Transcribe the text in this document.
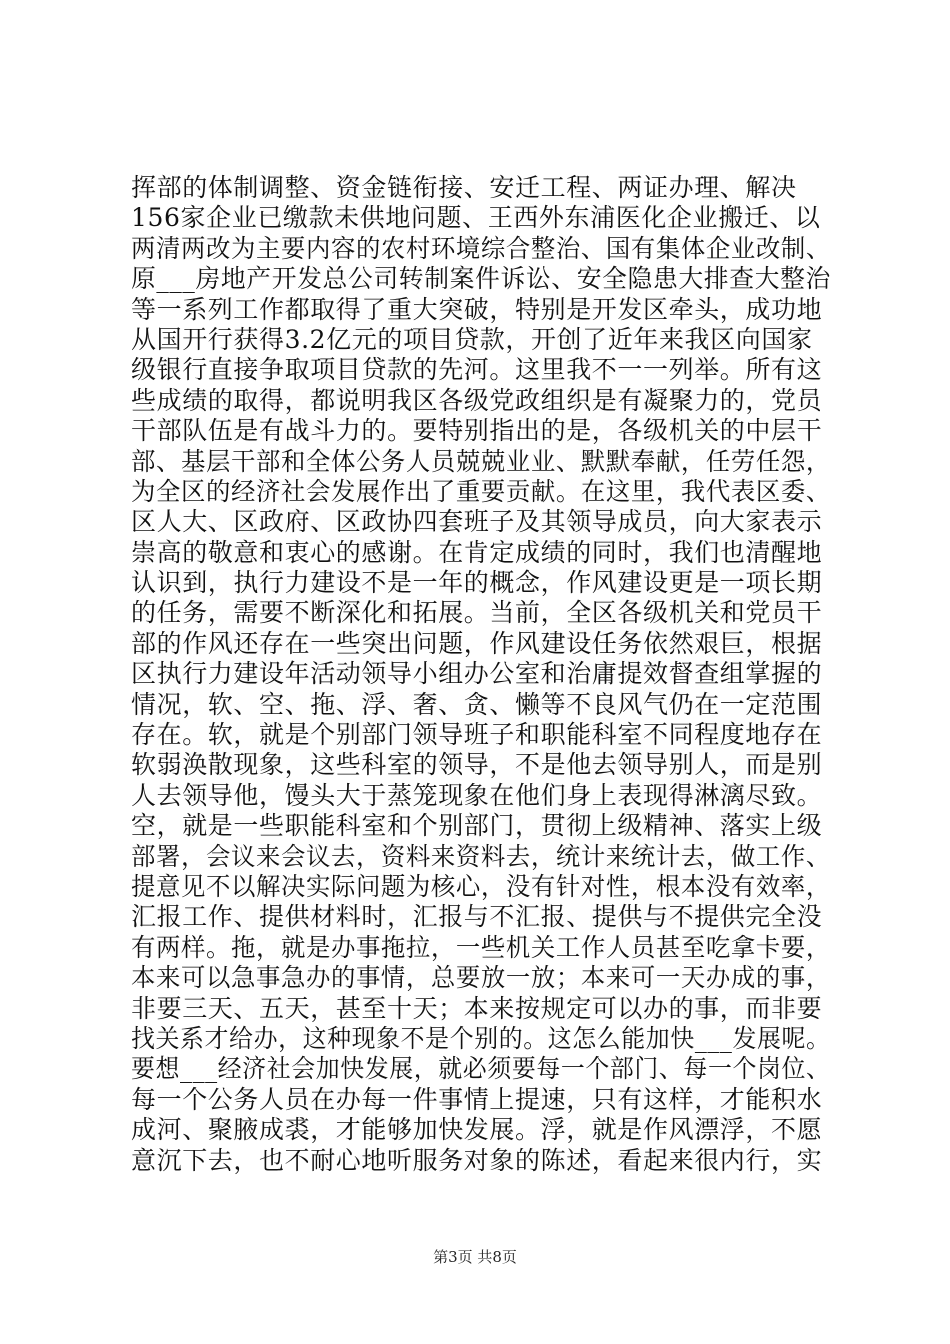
挥部的体制调整、资金链衔接、安迁工程、两证办理、解决
156家企业已缴款未供地问题、王西外东浦医化企业搬迁、以
两清两改为主要内容的农村环境综合整治、国有集体企业改制、
原___房地产开发总公司转制案件诉讼、安全隐患大排查大整治
等一系列工作都取得了重大突破，特别是开发区牵头，成功地
从国开行获得3.2亿元的项目贷款，开创了近年来我区向国家
级银行直接争取项目贷款的先河。这里我不一一列举。所有这
些成绩的取得，都说明我区各级党政组织是有凝聚力的，党员
干部队伍是有战斗力的。要特别指出的是，各级机关的中层干
部、基层干部和全体公务人员兢兢业业、默默奉献，任劳任怨，
为全区的经济社会发展作出了重要贡献。在这里，我代表区委、
区人大、区政府、区政协四套班子及其领导成员，向大家表示
崇高的敬意和衷心的感谢。在肯定成绩的同时，我们也清醒地
认识到，执行力建设不是一年的概念，作风建设更是一项长期
的任务，需要不断深化和拓展。当前，全区各级机关和党员干
部的作风还存在一些突出问题，作风建设任务依然艰巨，根据
区执行力建设年活动领导小组办公室和治庸提效督查组掌握的
情况，软、空、拖、浮、奢、贪、懒等不良风气仍在一定范围
存在。软，就是个别部门领导班子和职能科室不同程度地存在
软弱涣散现象，这些科室的领导，不是他去领导别人，而是别
人去领导他，馒头大于蒸笼现象在他们身上表现得淋漓尽致。
空，就是一些职能科室和个别部门，贯彻上级精神、落实上级
部署，会议来会议去，资料来资料去，统计来统计去，做工作、
提意见不以解决实际问题为核心，没有针对性，根本没有效率，
汇报工作、提供材料时，汇报与不汇报、提供与不提供完全没
有两样。拖，就是办事拖拉，一些机关工作人员甚至吃拿卡要，
本来可以急事急办的事情，总要放一放；本来可一天办成的事，
非要三天、五天，甚至十天；本来按规定可以办的事，而非要
找关系才给办，这种现象不是个别的。这怎么能加快___发展呢。
要想___经济社会加快发展，就必须要每一个部门、每一个岗位、
每一个公务人员在办每一件事情上提速，只有这样，才能积水
成河、聚腋成裘，才能够加快发展。浮，就是作风漂浮，不愿
意沉下去，也不耐心地听服务对象的陈述，看起来很内行，实
第3页 共8页
